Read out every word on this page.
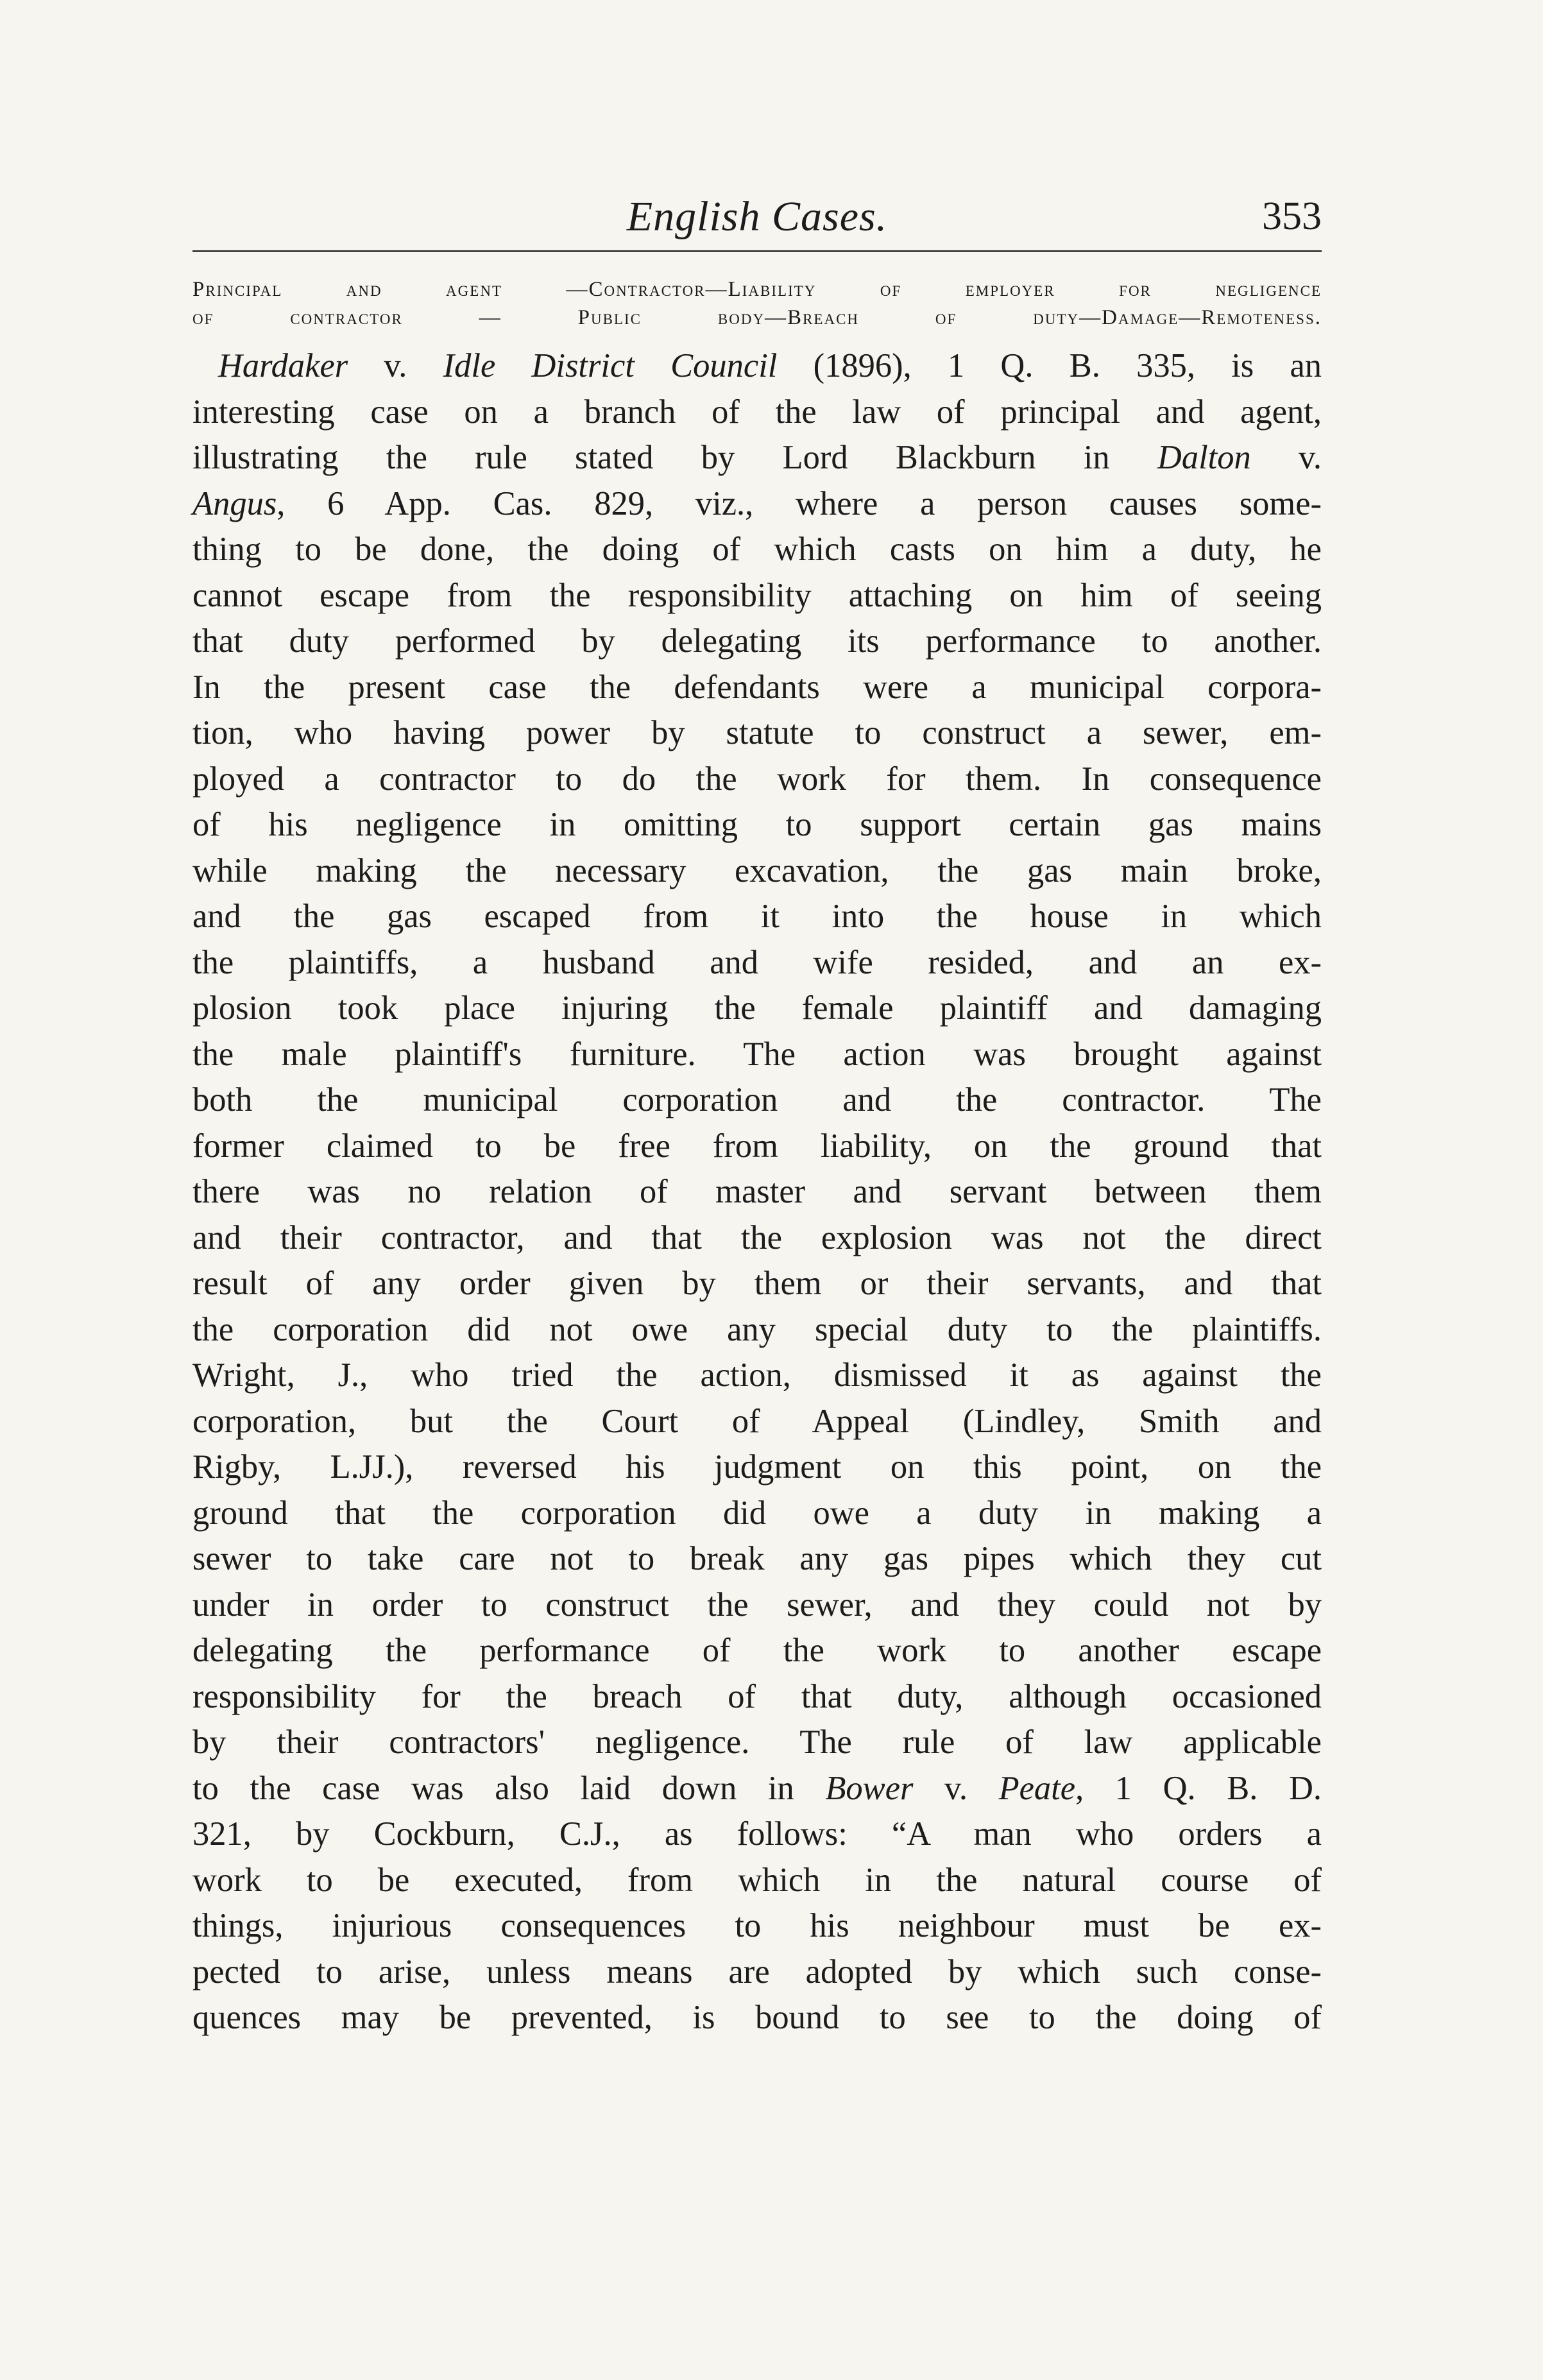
English Cases.	353
Principal and agent —Contractor—Liability of employer for negligence
of contractor — Public body—Breach of duty—Damage—Remoteness.
Hardaker v. Idle District Council (1896), 1 Q. B. 335, is an
interesting case on a branch of the law of principal and agent,
illustrating the rule stated by Lord Blackburn in Dalton v.
Angus, 6 App. Cas. 829, viz., where a person causes some-
thing to be done, the doing of which casts on him a duty, he
cannot escape from the responsibility attaching on him of seeing
that duty performed by delegating its performance to another.
In the present case the defendants were a municipal corpora-
tion, who having power by statute to construct a sewer, em-
ployed a contractor to do the work for them. In consequence
of his negligence in omitting to support certain gas mains
while making the necessary excavation, the gas main broke,
and the gas escaped from it into the house in which
the plaintiffs, a husband and wife resided, and an ex-
plosion took place injuring the female plaintiff and damaging
the male plaintiff's furniture. The action was brought against
both the municipal corporation and the contractor. The
former claimed to be free from liability, on the ground that
there was no relation of master and servant between them
and their contractor, and that the explosion was not the direct
result of any order given by them or their servants, and that
the corporation did not owe any special duty to the plaintiffs.
Wright, J., who tried the action, dismissed it as against the
corporation, but the Court of Appeal (Lindley, Smith and
Rigby, L.JJ.), reversed his judgment on this point, on the
ground that the corporation did owe a duty in making a
sewer to take care not to break any gas pipes which they cut
under in order to construct the sewer, and they could not by
delegating the performance of the work to another escape
responsibility for the breach of that duty, although occasioned
by their contractors' negligence. The rule of law applicable
to the case was also laid down in Bower v. Peate, 1 Q. B. D.
321, by Cockburn, C.J., as follows: “A man who orders a
work to be executed, from which in the natural course of
things, injurious consequences to his neighbour must be ex-
pected to arise, unless means are adopted by which such conse-
quences may be prevented, is bound to see to the doing of
